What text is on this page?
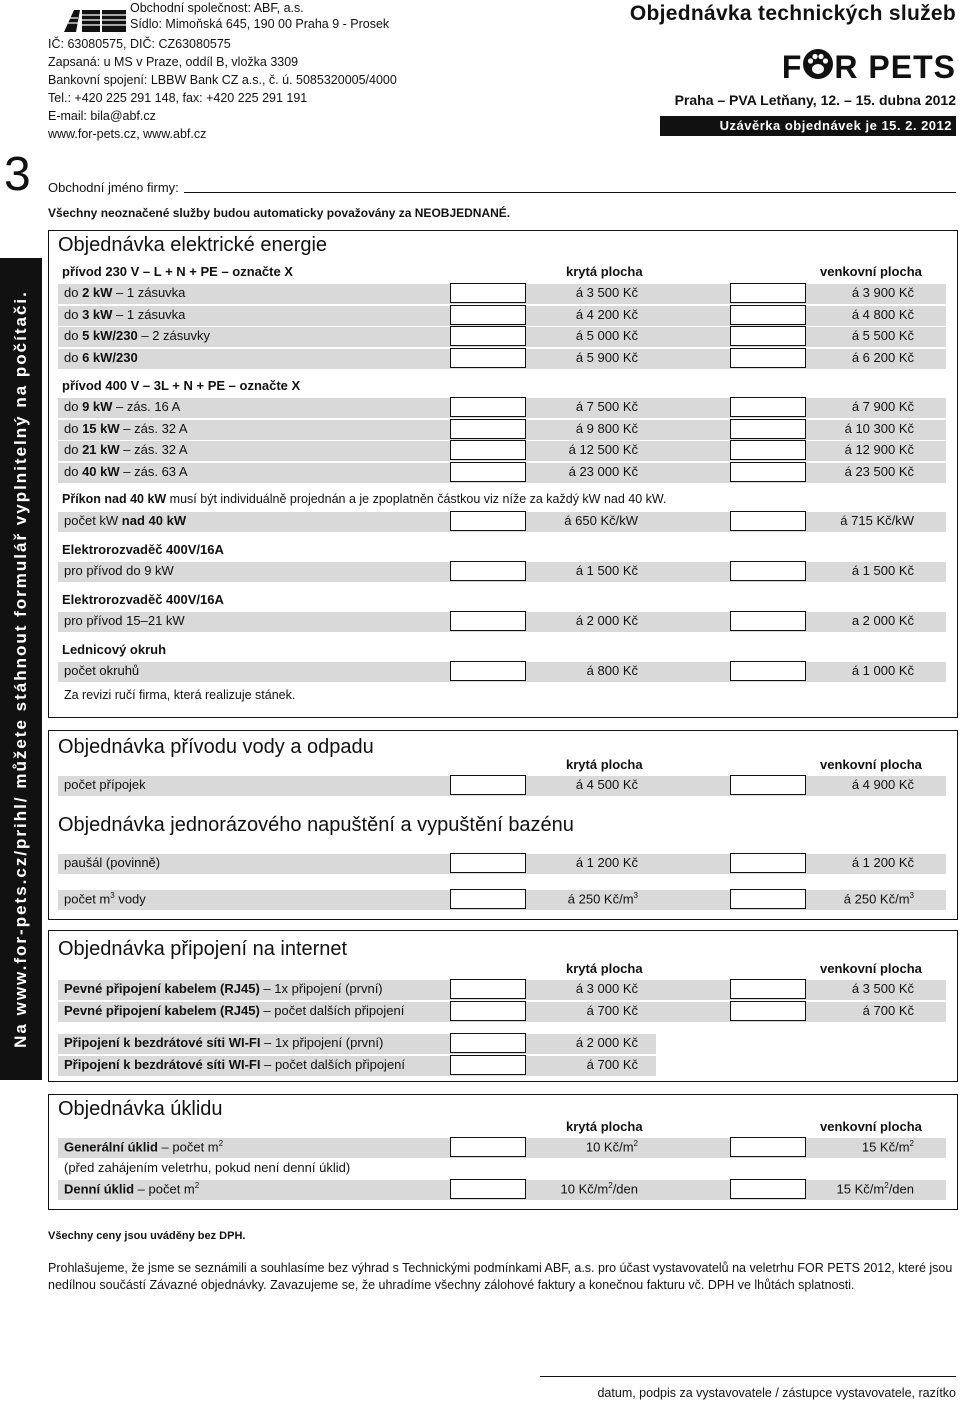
Obchodní společnost: ABF, a.s.
Sídlo: Mimoňská 645, 190 00 Praha 9 - Prosek
IČ: 63080575, DIČ: CZ63080575
Zapsaná: u MS v Praze, oddíl B, vložka 3309
Bankovní spojení: LBBW Bank CZ a.s., č. ú. 5085320005/4000
Tel.: +420 225 291 148, fax: +420 225 291 191
E-mail: bila@abf.cz
www.for-pets.cz, www.abf.cz
Objednávka technických služeb
F R PETS
Praha – PVA Letňany, 12. – 15. dubna 2012
Uzávěrka objednávek je 15. 2. 2012
3 Obchodní jméno firmy:
Všechny neoznačené služby budou automaticky považovány za NEOBJEDNANÉ.
Na www.for-pets.cz/prihl/ můžete stáhnout formulář vyplnitelný na počítači.
Objednávka elektrické energie
přívod 230 V – L + N + PE – označte X	krytá plocha	venkovní plocha
přívod 400 V – 3L + N + PE – označte X
Příkon nad 40 kW musí být individuálně projednán a je zpoplatněn částkou viz níže za každý kW nad 40 kW.
počet kW nad 40 kW	á 650 Kč/kW	á 715 Kč/kW
Elektrorozvaděč 400V/16A
pro přívod do 9 kW	á 1 500 Kč	á 1 500 Kč
Elektrorozvaděč 400V/16A
pro přívod 15–21 kW	á 2 000 Kč	a 2 000 Kč
Lednicový okruh
počet okruhů	á 800 Kč	á 1 000 Kč
Za revizi ručí firma, která realizuje stánek.
Objednávka přívodu vody a odpadu
krytá plocha	venkovní plocha
počet přípojek	á 4 500 Kč	á 4 900 Kč
Objednávka jednorázového napuštění a vypuštění bazénu
paušál (povinně)	á 1 200 Kč	á 1 200 Kč
počet $m^3$ vody	á 250 $Kč/m^3$	á 250 $Kč/m^3$
Objednávka připojení na internet
krytá plocha	venkovní plocha
Objednávka úklidu
krytá plocha	venkovní plocha
Generální úklid – počet $m^2$	10 $Kč/m^2$	15 $Kč/m^2$
(před zahájením veletrhu, pokud není denní úklid)
Denní úklid – počet $m^2$	10 $Kč/m^2$/den	15 $Kč/m^2$/den
Všechny ceny jsou uváděny bez DPH.
Prohlašujeme, že jsme se seznámili a souhlasíme bez výhrad s Technickými podmínkami ABF, a.s. pro účast vystavovatelů na veletrhu FOR PETS 2012, které jsou nedílnou součástí Závazné objednávky. Zavazujeme se, že uhradíme všechny zálohové faktury a konečnou fakturu vč. DPH ve lhůtách splatnosti.
datum, podpis za vystavovatele / zástupce vystavovatele, razítko
do 2 kW – 1 zásuvka	á 3 500 Kč	á 3 900 Kč
do 3 kW – 1 zásuvka	á 4 200 Kč	á 4 800 Kč
do 5 kW/230 – 2 zásuvky	á 5 000 Kč	á 5 500 Kč
do 6 kW/230	á 5 900 Kč	á 6 200 Kč
do 9 kW – zás. 16 A	á 7 500 Kč	á 7 900 Kč
do 15 kW – zás. 32 A	á 9 800 Kč	á 10 300 Kč
do 21 kW – zás. 32 A	á 12 500 Kč	á 12 900 Kč
do 40 kW – zás. 63 A	á 23 000 Kč	á 23 500 Kč
Pevné připojení kabelem (RJ45) – 1x připojení (první)	á 3 000 Kč	á 3 500 Kč
Pevné připojení kabelem (RJ45) – počet dalších připojení	á 700 Kč	á 700 Kč
Připojení k bezdrátové síti WI-FI – 1x připojení (první)	á 2 000 Kč
Připojení k bezdrátové síti WI-FI – počet dalších připojení	á 700 Kč
